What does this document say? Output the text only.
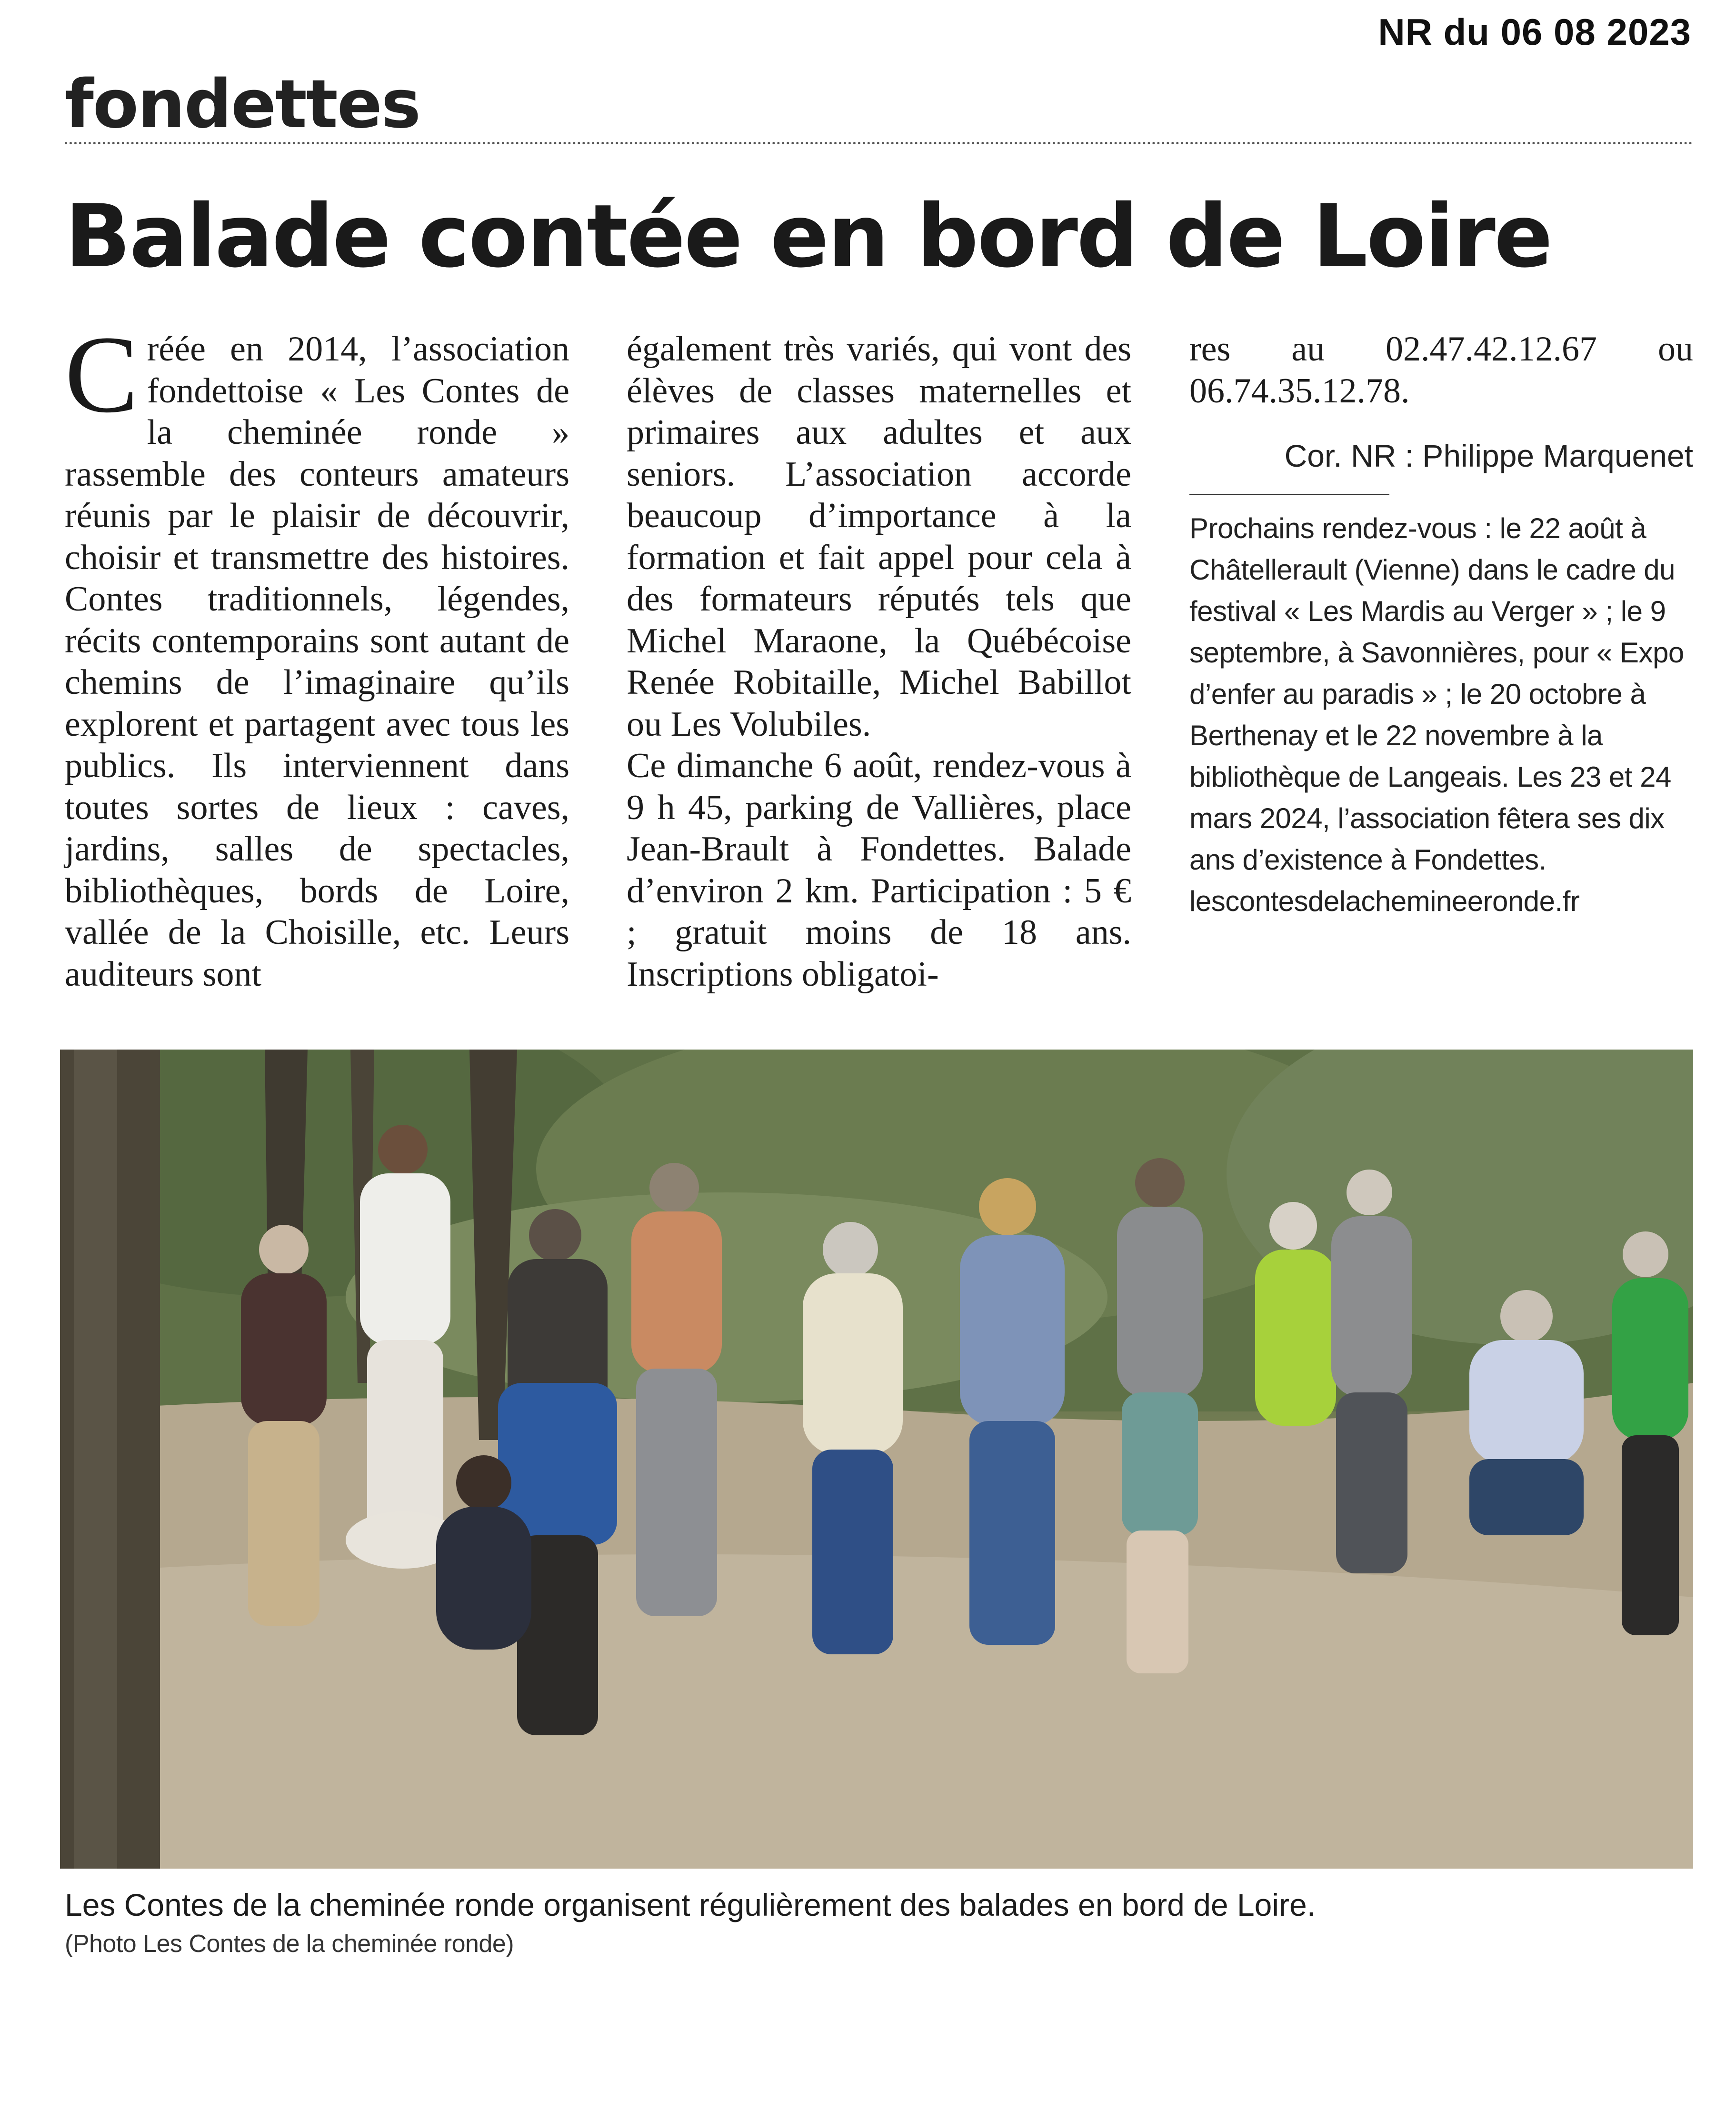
NR du 06 08 2023
fondettes
Balade contée en bord de Loire

C réée en 2014, l’association fondettoise « Les Contes de la cheminée ronde » rassemble des conteurs amateurs réunis par le plaisir de découvrir, choisir et transmettre des histoires. Contes traditionnels, légendes, récits contemporains sont autant de chemins de l’imaginaire qu’ils explorent et partagent avec tous les publics. Ils interviennent dans toutes sortes de lieux : caves, jardins, salles de spectacles, bibliothèques, bords de Loire, vallée de la Choisille, etc. Leurs auditeurs sont

également très variés, qui vont des élèves de classes maternelles et primaires aux adultes et aux seniors. L’association accorde beaucoup d’importance à la formation et fait appel pour cela à des formateurs réputés tels que Michel Maraone, la Québécoise Renée Robitaille, Michel Babillot ou Les Volubiles.

Ce dimanche 6 août, rendez-vous à 9 h 45, parking de Vallières, place Jean-Brault à Fondettes. Balade d’environ 2 km. Participation : 5 € ; gratuit moins de 18 ans. Inscriptions obligatoi-

res au 02.47.42.12.67 ou 06.74.35.12.78.

Cor. NR : Philippe Marquenet

Prochains rendez-vous : le 22 août à Châtellerault (Vienne) dans le cadre du festival « Les Mardis au Verger » ; le 9 septembre, à Savonnières, pour « Expo d’enfer au paradis » ; le 20 octobre à Berthenay et le 22 novembre à la bibliothèque de Langeais. Les 23 et 24 mars 2024, l’association fêtera ses dix ans d’existence à Fondettes. lescontesdelachemineeronde.fr

Les Contes de la cheminée ronde organisent régulièrement des balades en bord de Loire.
(Photo Les Contes de la cheminée ronde)
